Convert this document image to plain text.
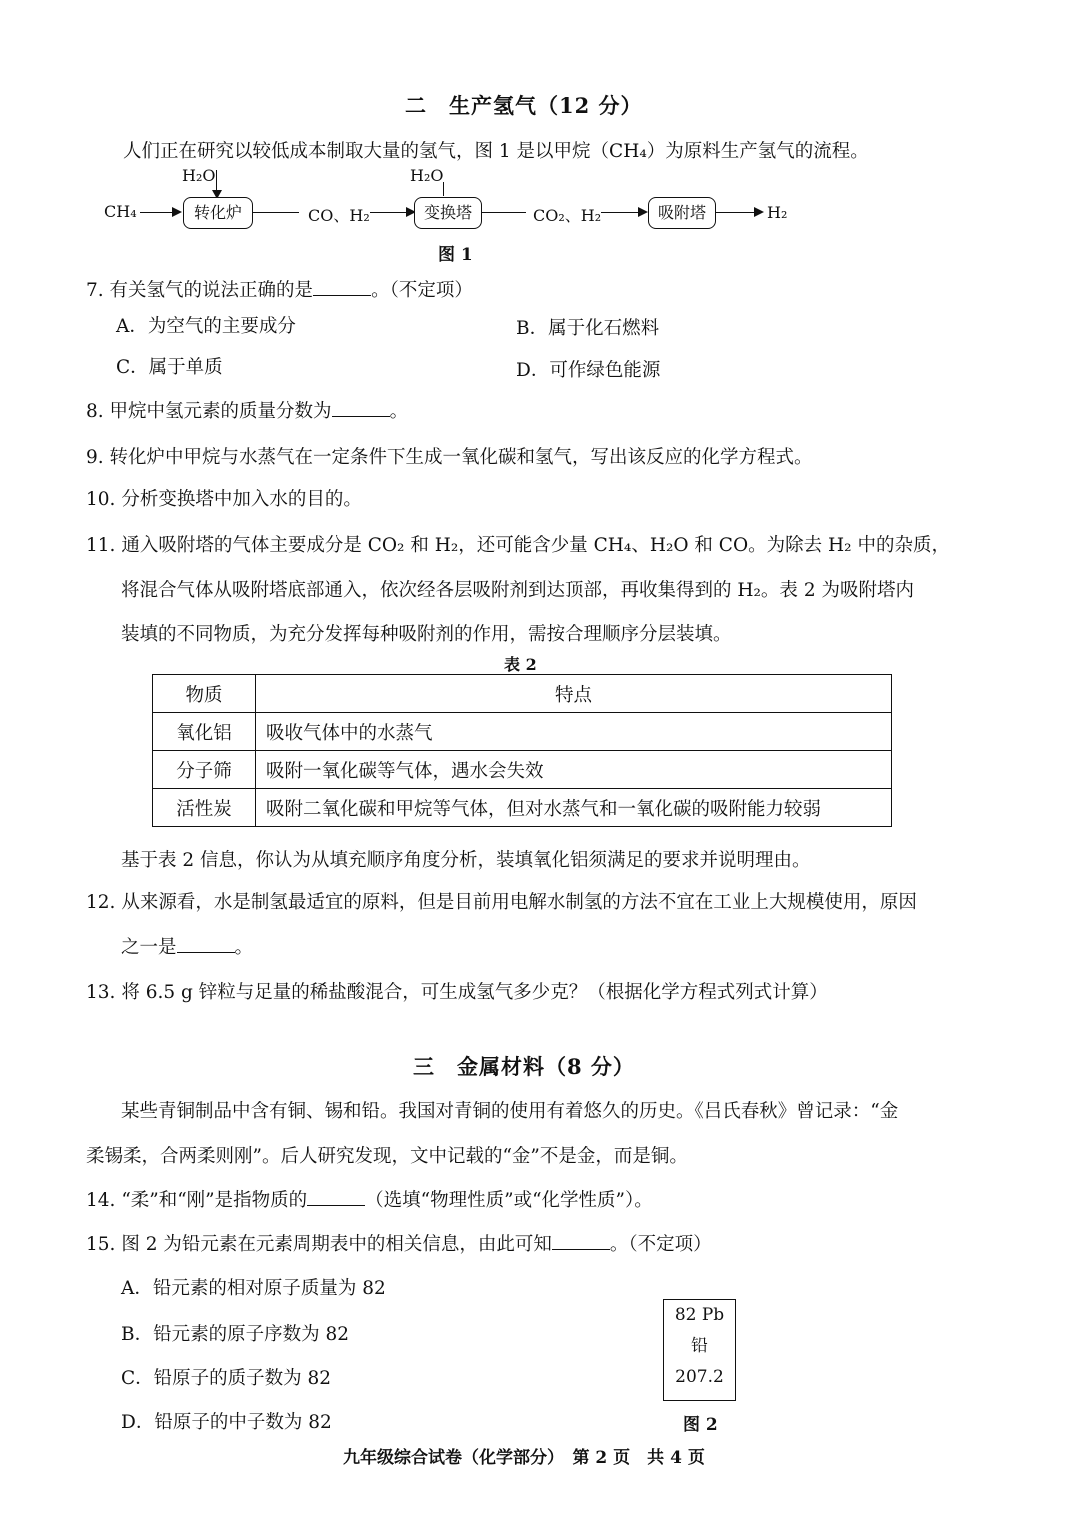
二　生产氢气（12 分）
人们正在研究以较低成本制取大量的氢气，图 1 是以甲烷（CH₄）为原料生产氢气的流程。
CH₄
H₂O
转化炉	CO、H₂
H₂O
变换塔	CO₂、H₂	吸附塔	H₂
图 1
7. 有关氢气的说法正确的是	。（不定项）
A．为空气的主要成分	B．属于化石燃料
C．属于单质	D．可作绿色能源
8. 甲烷中氢元素的质量分数为	。
9. 转化炉中甲烷与水蒸气在一定条件下生成一氧化碳和氢气，写出该反应的化学方程式。
10. 分析变换塔中加入水的目的。
11. 通入吸附塔的气体主要成分是 CO₂ 和 H₂，还可能含少量 CH₄、H₂O 和 CO。为除去 H₂ 中的杂质，
将混合气体从吸附塔底部通入，依次经各层吸附剂到达顶部，再收集得到的 H₂。表 2 为吸附塔内
装填的不同物质，为充分发挥每种吸附剂的作用，需按合理顺序分层装填。
表 2
物质	特点
氧化铝	吸收气体中的水蒸气
分子筛	吸附一氧化碳等气体，遇水会失效
活性炭	吸附二氧化碳和甲烷等气体，但对水蒸气和一氧化碳的吸附能力较弱
基于表 2 信息，你认为从填充顺序角度分析，装填氧化铝须满足的要求并说明理由。
12. 从来源看，水是制氢最适宜的原料，但是目前用电解水制氢的方法不宜在工业上大规模使用，原因
之一是	。
13. 将 6.5 g 锌粒与足量的稀盐酸混合，可生成氢气多少克？（根据化学方程式列式计算）
三　金属材料（8 分）
某些青铜制品中含有铜、锡和铅。我国对青铜的使用有着悠久的历史。《吕氏春秋》曾记录：“金
柔锡柔，合两柔则刚”。后人研究发现，文中记载的“金”不是金，而是铜。
14. “柔”和“刚”是指物质的	（选填“物理性质”或“化学性质”）。
15. 图 2 为铅元素在元素周期表中的相关信息，由此可知	。（不定项）
A．铅元素的相对原子质量为 82
B．铅元素的原子序数为 82
C．铅原子的质子数为 82
D．铅原子的中子数为 82
82 Pb
铅
207.2
图 2
九年级综合试卷（化学部分）　第 2 页　共 4 页
